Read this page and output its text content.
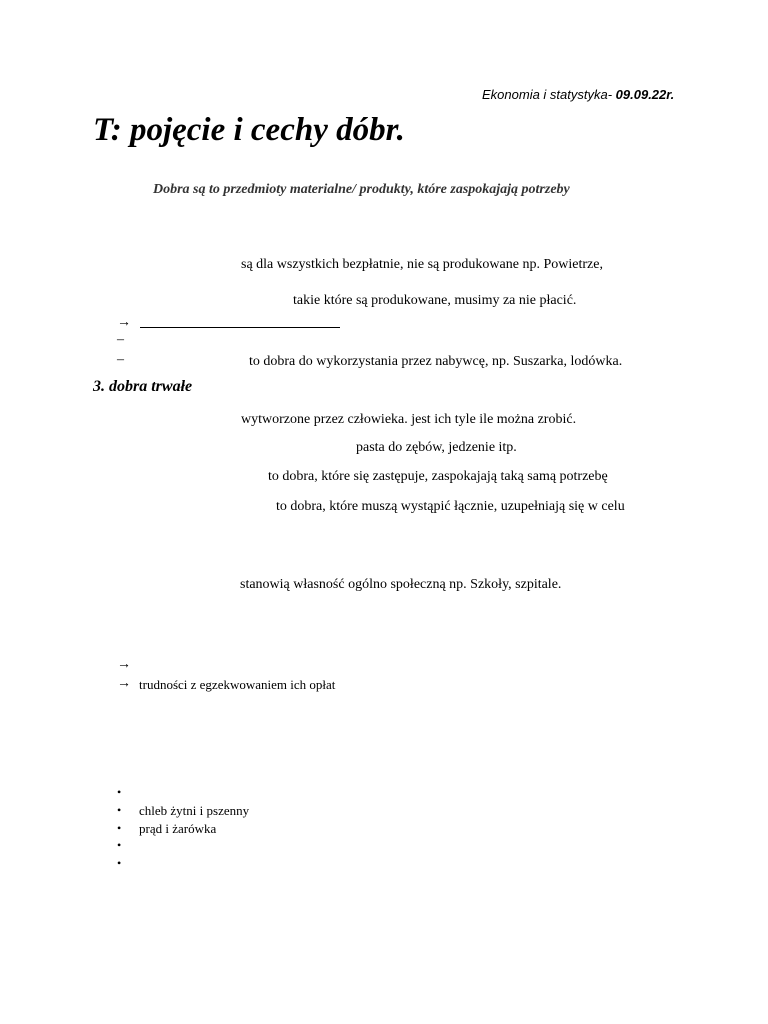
Ekonomia i statystyka- 09.09.22r.
T: pojęcie i cechy dóbr.
Dobra są to przedmioty materialne/ produkty, które zaspokajają potrzeby
są dla wszystkich bezpłatnie, nie są produkowane np. Powietrze,
takie które są produkowane, musimy za nie płacić.
→
–
–	to dobra do wykorzystania przez nabywcę, np. Suszarka, lodówka.
3. dobra trwałe
wytworzone przez człowieka. jest ich tyle ile można zrobić.
pasta do zębów, jedzenie itp.
to dobra, które się zastępuje, zaspokajają taką samą potrzebę
to dobra, które muszą wystąpić łącznie, uzupełniają się w celu
stanowią własność ogólno społeczną np. Szkoły, szpitale.
→
→ trudności z egzekwowaniem ich opłat
•
• chleb żytni i pszenny
• prąd i żarówka
•
•
